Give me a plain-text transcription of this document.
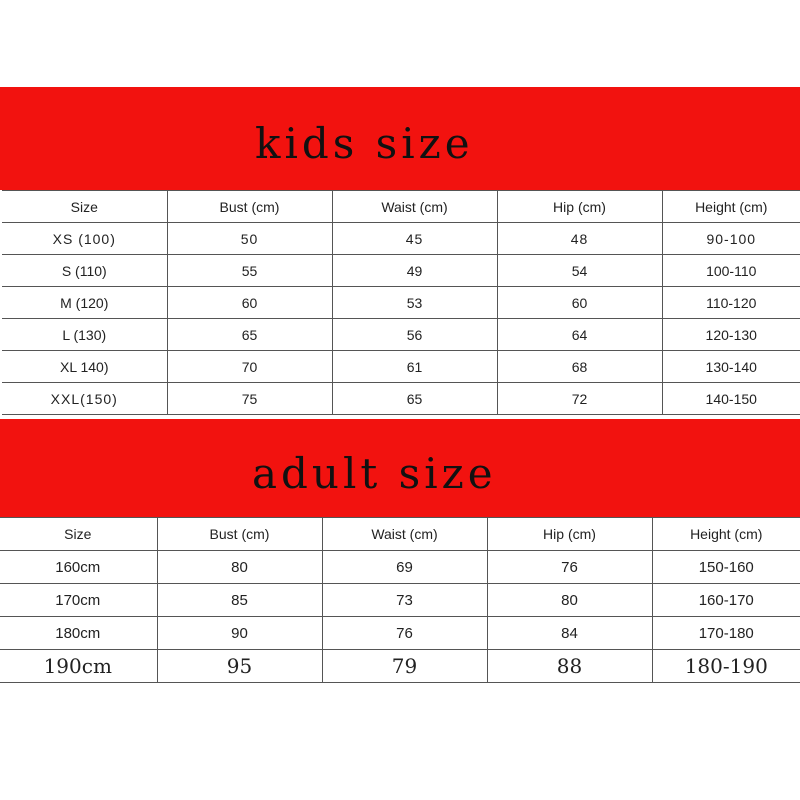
kids size
Size	Bust (cm)	Waist (cm)	Hip (cm)	Height (cm)
XS (100)	50	45	48	90-100
S (110)	55	49	54	100-110
M (120)	60	53	60	110-120
L (130)	65	56	64	120-130
XL 140)	70	61	68	130-140
XXL(150)	75	65	72	140-150
adult size
Size	Bust (cm)	Waist (cm)	Hip (cm)	Height (cm)
160cm	80	69	76	150-160
170cm	85	73	80	160-170
180cm	90	76	84	170-180
190cm	95	79	88	180-190
